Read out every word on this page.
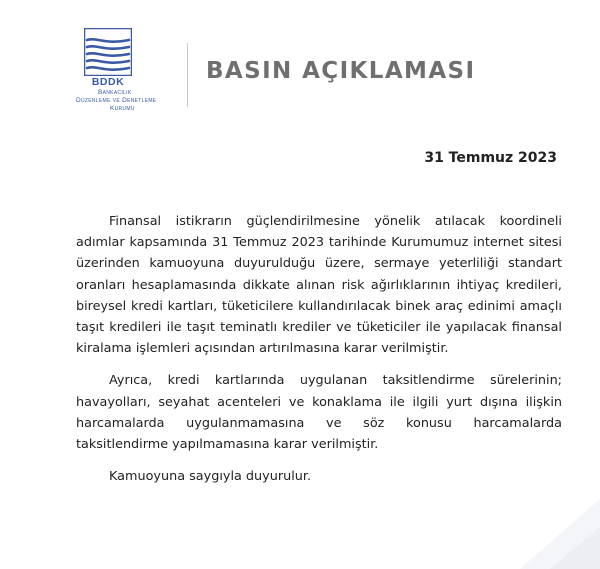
BDDK
Bankacılık
Düzenleme ve Denetleme
Kurumu
BASIN AÇIKLAMASI
31 Temmuz 2023

Finansal istikrarın güçlendirilmesine yönelik atılacak koordineli adımlar kapsamında 31 Temmuz 2023 tarihinde Kurumumuz internet sitesi üzerinden kamuoyuna duyurulduğu üzere, sermaye yeterliliği standart oranları hesaplamasında dikkate alınan risk ağırlıklarının ihtiyaç kredileri, bireysel kredi kartları, tüketicilere kullandırılacak binek araç edinimi amaçlı taşıt kredileri ile taşıt teminatlı krediler ve tüketiciler ile yapılacak finansal kiralama işlemleri açısından artırılmasına karar verilmiştir.

Ayrıca, kredi kartlarında uygulanan taksitlendirme sürelerinin; havayolları, seyahat acenteleri ve konaklama ile ilgili yurt dışına ilişkin harcamalarda uygulanmamasına ve söz konusu harcamalarda taksitlendirme yapılmamasına karar verilmiştir.

Kamuoyuna saygıyla duyurulur.
